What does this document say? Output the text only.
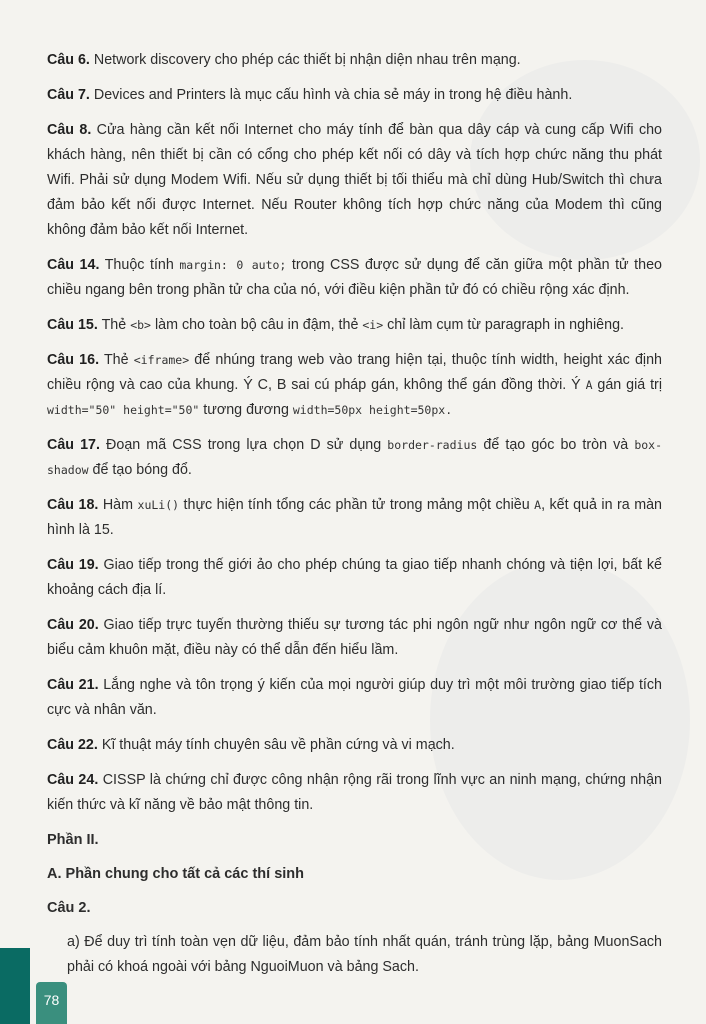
Câu 6. Network discovery cho phép các thiết bị nhận diện nhau trên mạng.

Câu 7. Devices and Printers là mục cấu hình và chia sẻ máy in trong hệ điều hành.

Câu 8. Cửa hàng cần kết nối Internet cho máy tính để bàn qua dây cáp và cung cấp Wifi cho khách hàng, nên thiết bị cần có cổng cho phép kết nối có dây và tích hợp chức năng thu phát Wifi. Phải sử dụng Modem Wifi. Nếu sử dụng thiết bị tối thiểu mà chỉ dùng Hub/Switch thì chưa đảm bảo kết nối được Internet. Nếu Router không tích hợp chức năng của Modem thì cũng không đảm bảo kết nối Internet.

Câu 14. Thuộc tính margin: 0 auto; trong CSS được sử dụng để căn giữa một phần tử theo chiều ngang bên trong phần tử cha của nó, với điều kiện phần tử đó có chiều rộng xác định.

Câu 15. Thẻ <b> làm cho toàn bộ câu in đậm, thẻ <i> chỉ làm cụm từ paragraph in nghiêng.

Câu 16. Thẻ <iframe> để nhúng trang web vào trang hiện tại, thuộc tính width, height xác định chiều rộng và cao của khung. Ý C, B sai cú pháp gán, không thể gán đồng thời. Ý A gán giá trị width="50" height="50" tương đương width=50px height=50px.

Câu 17. Đoạn mã CSS trong lựa chọn D sử dụng border-radius để tạo góc bo tròn và box-shadow để tạo bóng đổ.

Câu 18. Hàm xuLi() thực hiện tính tổng các phần tử trong mảng một chiều A, kết quả in ra màn hình là 15.

Câu 19. Giao tiếp trong thế giới ảo cho phép chúng ta giao tiếp nhanh chóng và tiện lợi, bất kể khoảng cách địa lí.

Câu 20. Giao tiếp trực tuyến thường thiếu sự tương tác phi ngôn ngữ như ngôn ngữ cơ thể và biểu cảm khuôn mặt, điều này có thể dẫn đến hiểu lầm.

Câu 21. Lắng nghe và tôn trọng ý kiến của mọi người giúp duy trì một môi trường giao tiếp tích cực và nhân văn.

Câu 22. Kĩ thuật máy tính chuyên sâu về phần cứng và vi mạch.

Câu 24. CISSP là chứng chỉ được công nhận rộng rãi trong lĩnh vực an ninh mạng, chứng nhận kiến thức và kĩ năng về bảo mật thông tin.

Phần II.
A. Phần chung cho tất cả các thí sinh
Câu 2.

a) Để duy trì tính toàn vẹn dữ liệu, đảm bảo tính nhất quán, tránh trùng lặp, bảng MuonSach phải có khoá ngoài với bảng NguoiMuon và bảng Sach.

78
